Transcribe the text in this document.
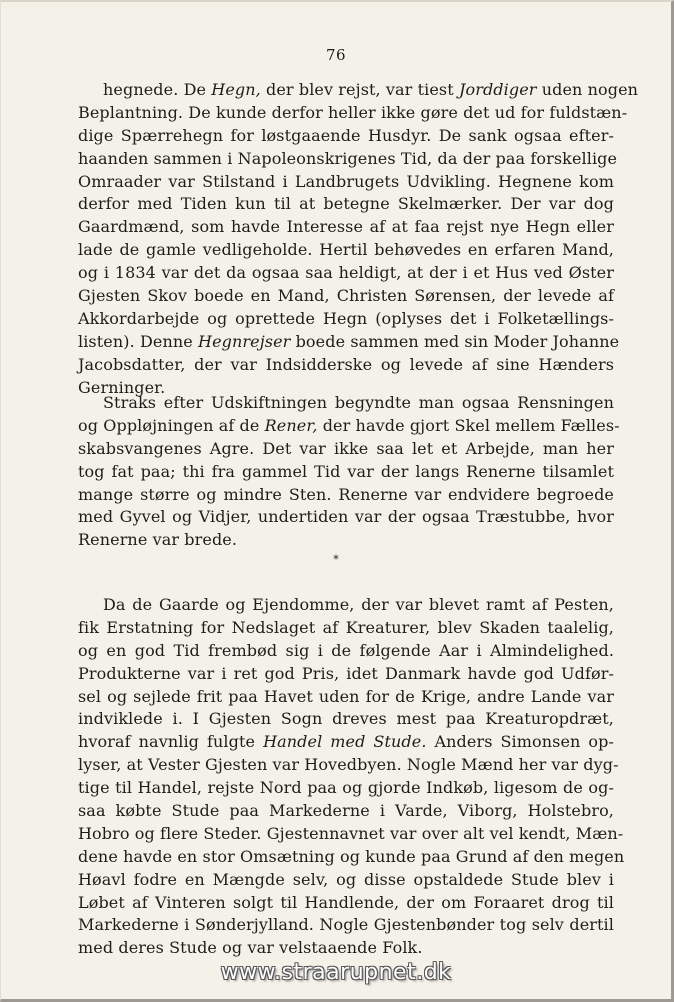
76
hegnede. De Hegn, der blev rejst, var tiest Jorddiger uden nogen
Beplantning. De kunde derfor heller ikke gøre det ud for fuldstæn-
dige Spærrehegn for løstgaaende Husdyr. De sank ogsaa efter-
haanden sammen i Napoleonskrigenes Tid, da der paa forskellige
Omraader var Stilstand i Landbrugets Udvikling. Hegnene kom
derfor med Tiden kun til at betegne Skelmærker. Der var dog
Gaardmænd, som havde Interesse af at faa rejst nye Hegn eller
lade de gamle vedligeholde. Hertil behøvedes en erfaren Mand,
og i 1834 var det da ogsaa saa heldigt, at der i et Hus ved Øster
Gjesten Skov boede en Mand, Christen Sørensen, der levede af
Akkordarbejde og oprettede Hegn (oplyses det i Folketællings-
listen). Denne Hegnrejser boede sammen med sin Moder Johanne
Jacobsdatter, der var Indsidderske og levede af sine Hænders
Gerninger.
Straks efter Udskiftningen begyndte man ogsaa Rensningen
og Oppløjningen af de Rener, der havde gjort Skel mellem Fælles-
skabsvangenes Agre. Det var ikke saa let et Arbejde, man her
tog fat paa; thi fra gammel Tid var der langs Renerne tilsamlet
mange større og mindre Sten. Renerne var endvidere begroede
med Gyvel og Vidjer, undertiden var der ogsaa Træstubbe, hvor
Renerne var brede.
*
Da de Gaarde og Ejendomme, der var blevet ramt af Pesten,
fik Erstatning for Nedslaget af Kreaturer, blev Skaden taalelig,
og en god Tid frembød sig i de følgende Aar i Almindelighed.
Produkterne var i ret god Pris, idet Danmark havde god Udfør-
sel og sejlede frit paa Havet uden for de Krige, andre Lande var
indviklede i. I Gjesten Sogn dreves mest paa Kreaturopdræt,
hvoraf navnlig fulgte Handel med Stude. Anders Simonsen op-
lyser, at Vester Gjesten var Hovedbyen. Nogle Mænd her var dyg-
tige til Handel, rejste Nord paa og gjorde Indkøb, ligesom de og-
saa købte Stude paa Markederne i Varde, Viborg, Holstebro,
Hobro og flere Steder. Gjestennavnet var over alt vel kendt, Mæn-
dene havde en stor Omsætning og kunde paa Grund af den megen
Høavl fodre en Mængde selv, og disse opstaldede Stude blev i
Løbet af Vinteren solgt til Handlende, der om Foraaret drog til
Markederne i Sønderjylland. Nogle Gjestenbønder tog selv dertil
med deres Stude og var velstaaende Folk.
www.straarupnet.dk
